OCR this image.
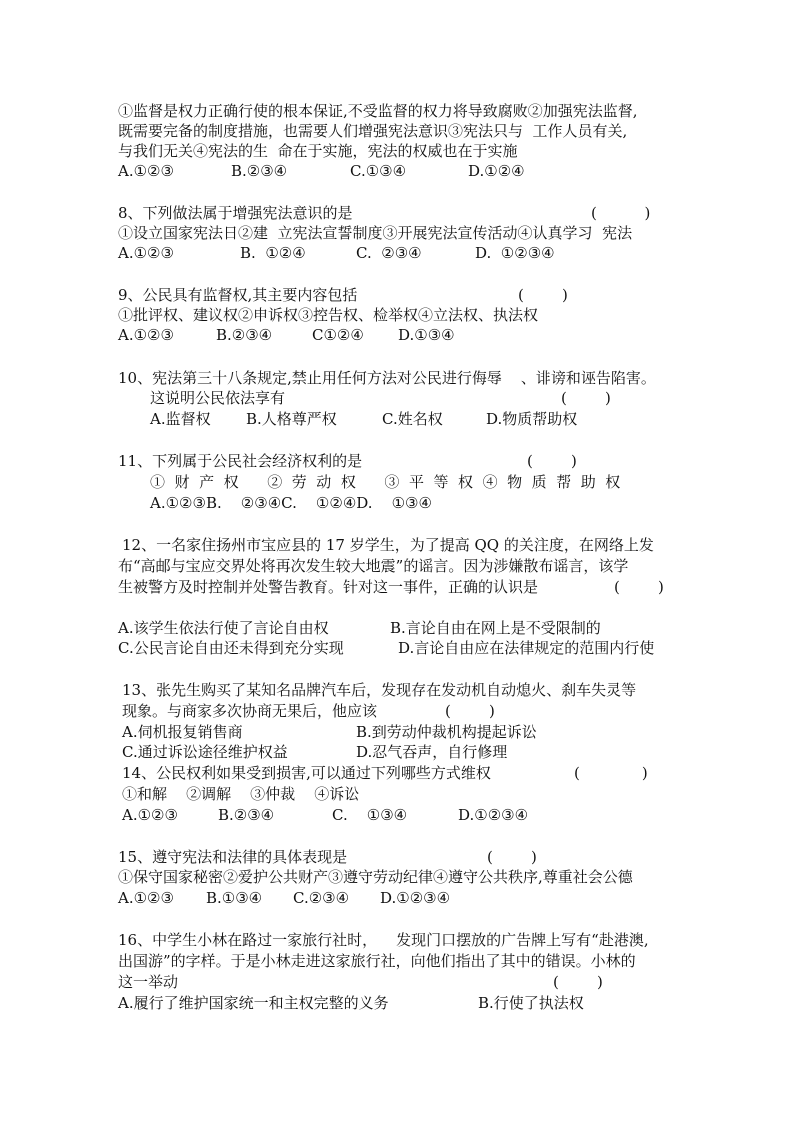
①监督是权力正确行使的根本保证,不受监督的权力将导致腐败②加强宪法监督,
既需要完备的制度措施，也需要人们增强宪法意识③宪法只与  工作人员有关,
与我们无关④宪法的生  命在于实施，宪法的权威也在于实施

A.①②③

	B.②③④

	C.①③④

	D.①②④

8、下列做法属于增强宪法意识的是	(          )
①设立国家宪法日②建  立宪法宣誓制度③开展宪法宣传活动④认真学习  宪法

A.①②③

	B.  ①②④

	C.  ②③④

	D.  ①②③④

9、公民具有监督权,其主要内容包括	(        )
①批评权、建议权②申诉权③控告权、检举权④立法权、执法权

A.①②③

	B.②③④

	C①②④

D.①③④

10、宪法第三十八条规定,禁止用任何方法对公民进行侮辱    、诽谤和诬告陷害。
这说明公民依法享有	(        )

A.监督权

B.人格尊严权

	C.姓名权

	D.物质帮助权

11、下列属于公民社会经济权利的是	(        )
①  财  产  权      ②  劳  动  权      ③  平  等  权  ④  物  质  帮  助  权
A.①②③B.    ②③④C.    ①②④D.    ①③④
12、一名家住扬州市宝应县的 17 岁学生，为了提高 QQ 的关注度，在网络上发
布“高邮与宝应交界处将再次发生较大地震”的谣言。因为涉嫌散布谣言，该学
生被警方及时控制并处警告教育。针对这一事件，正确的认识是	(        )

A.该学生依法行使了言论自由权

	B.言论自由在网上是不受限制的

C.公民言论自由还未得到充分实现

	D.言论自由应在法律规定的范围内行使

13、张先生购买了某知名品牌汽车后，发现存在发动机自动熄火、刹车失灵等
现象。与商家多次协商无果后，他应该	(        )

A.伺机报复销售商

	B.到劳动仲裁机构提起诉讼

C.通过诉讼途径维护权益

	D.忍气吞声，自行修理

14、公民权利如果受到损害,可以通过下列哪些方式维权	(             )
①和解    ②调解    ③仲裁    ④诉讼

A.①②③

	B.②③④

	C.    ①③④

	D.①②③④

15、遵守宪法和法律的具体表现是	(        )
①保守国家秘密②爱护公共财产③遵守劳动纪律④遵守公共秩序,尊重社会公德

A.①②③

B.①③④

C.②③④

D.①②③④

16、中学生小林在路过一家旅行社时，    发现门口摆放的广告牌上写有“赴港澳,
出国游”的字样。于是小林走进这家旅行社，向他们指出了其中的错误。小林的
这一举动	(        )

A.履行了维护国家统一和主权完整的义务

	B.行使了执法权
